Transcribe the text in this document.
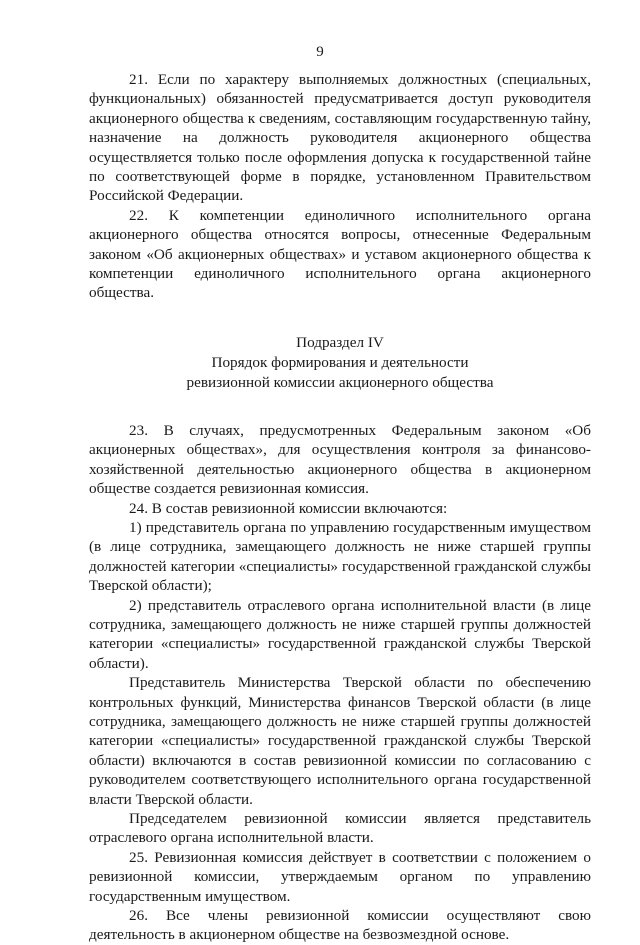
9

21. Если по характеру выполняемых должностных (специальных, функциональных) обязанностей предусматривается доступ руководителя акционерного общества к сведениям, составляющим государственную тайну, назначение на должность руководителя акционерного общества осуществляется только после оформления допуска к государственной тайне по соответствующей форме в порядке, установленном Правительством Российской Федерации.

22. К компетенции единоличного исполнительного органа акционерного общества относятся вопросы, отнесенные Федеральным законом «Об акционерных обществах» и уставом акционерного общества к компетенции единоличного исполнительного органа акционерного общества.

Подраздел IV

Порядок формирования и деятельности

ревизионной комиссии акционерного общества

23. В случаях, предусмотренных Федеральным законом «Об акционерных обществах», для осуществления контроля за финансово-хозяйственной деятельностью акционерного общества в акционерном обществе создается ревизионная комиссия.

24. В состав ревизионной комиссии включаются:

1) представитель органа по управлению государственным имуществом (в лице сотрудника, замещающего должность не ниже старшей группы должностей категории «специалисты» государственной гражданской службы Тверской области);

2) представитель отраслевого органа исполнительной власти (в лице сотрудника, замещающего должность не ниже старшей группы должностей категории «специалисты» государственной гражданской службы Тверской области).

Представитель Министерства Тверской области по обеспечению контрольных функций, Министерства финансов Тверской области (в лице сотрудника, замещающего должность не ниже старшей группы должностей категории «специалисты» государственной гражданской службы Тверской области) включаются в состав ревизионной комиссии по согласованию с руководителем соответствующего исполнительного органа государственной власти Тверской области.

Председателем ревизионной комиссии является представитель отраслевого органа исполнительной власти.

25. Ревизионная комиссия действует в соответствии с положением о ревизионной комиссии, утверждаемым органом по управлению государственным имуществом.

26. Все члены ревизионной комиссии осуществляют свою деятельность в акционерном обществе на безвозмездной основе.
